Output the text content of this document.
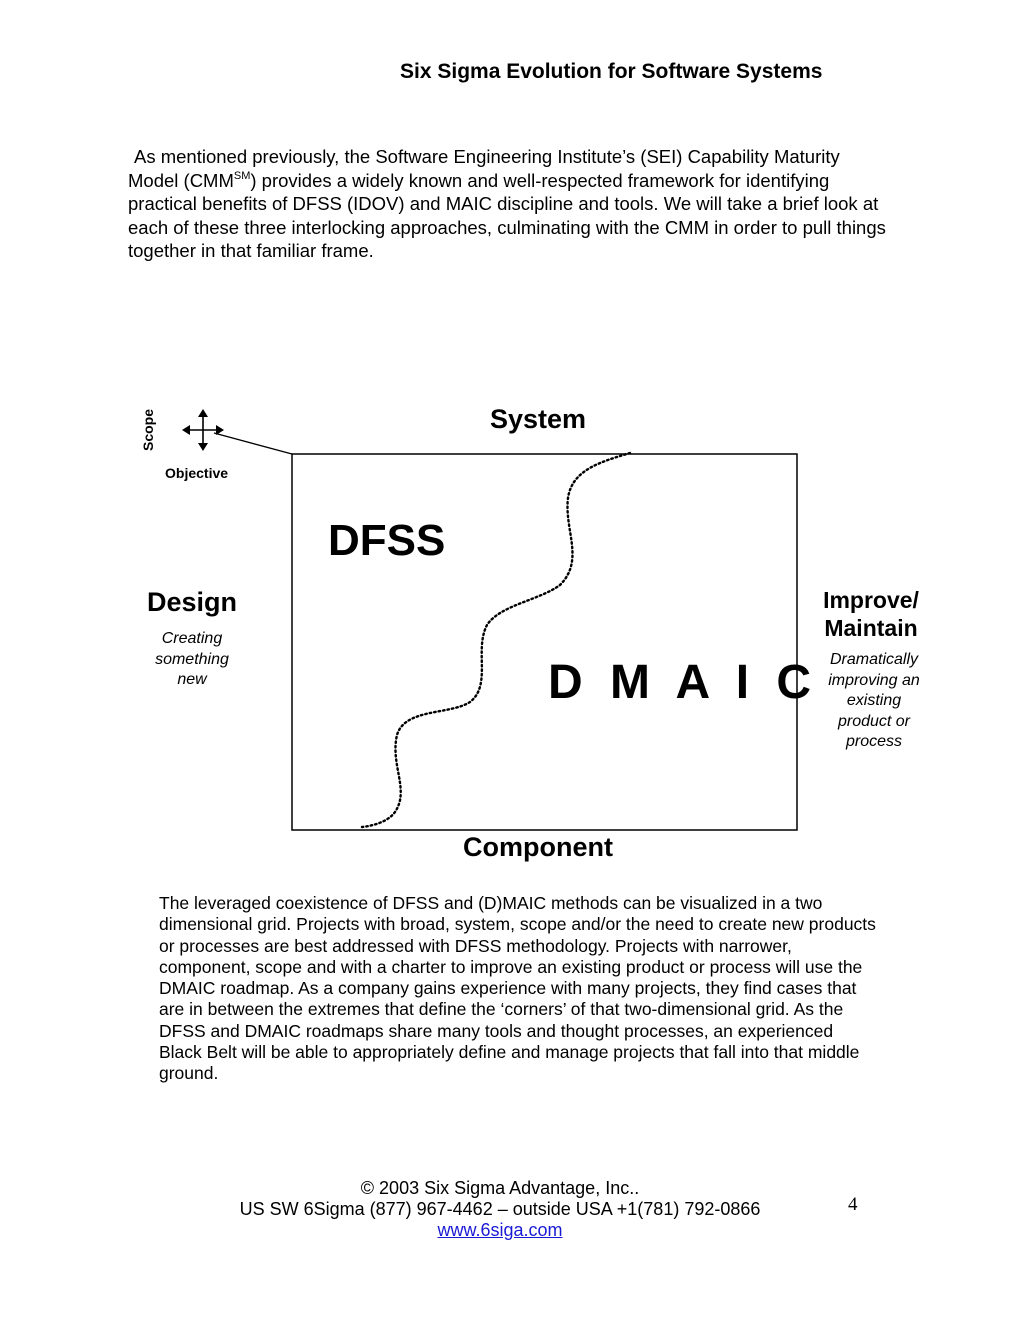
Six Sigma Evolution for Software Systems

As mentioned previously, the Software Engineering Institute’s (SEI) Capability Maturity Model (CMM℠) provides a widely known and well-respected framework for identifying practical benefits of DFSS (IDOV) and MAIC discipline and tools. We will take a brief look at each of these three interlocking approaches, culminating with the CMM in order to pull things together in that familiar frame.

Scope
Objective
System
Component
DFSS
D M A I C
Design
Creating something new
Improve/ Maintain
Dramatically improving an existing product or process

The leveraged coexistence of DFSS and (D)MAIC methods can be visualized in a two dimensional grid. Projects with broad, system, scope and/or the need to create new products or processes are best addressed with DFSS methodology. Projects with narrower, component, scope and with a charter to improve an existing product or process will use the DMAIC roadmap. As a company gains experience with many projects, they find cases that are in between the extremes that define the ‘corners’ of that two-dimensional grid. As the DFSS and DMAIC roadmaps share many tools and thought processes, an experienced Black Belt will be able to appropriately define and manage projects that fall into that middle ground.

© 2003 Six Sigma Advantage, Inc..
US SW 6Sigma (877) 967-4462 – outside USA +1(781) 792-0866
www.6siga.com
4
